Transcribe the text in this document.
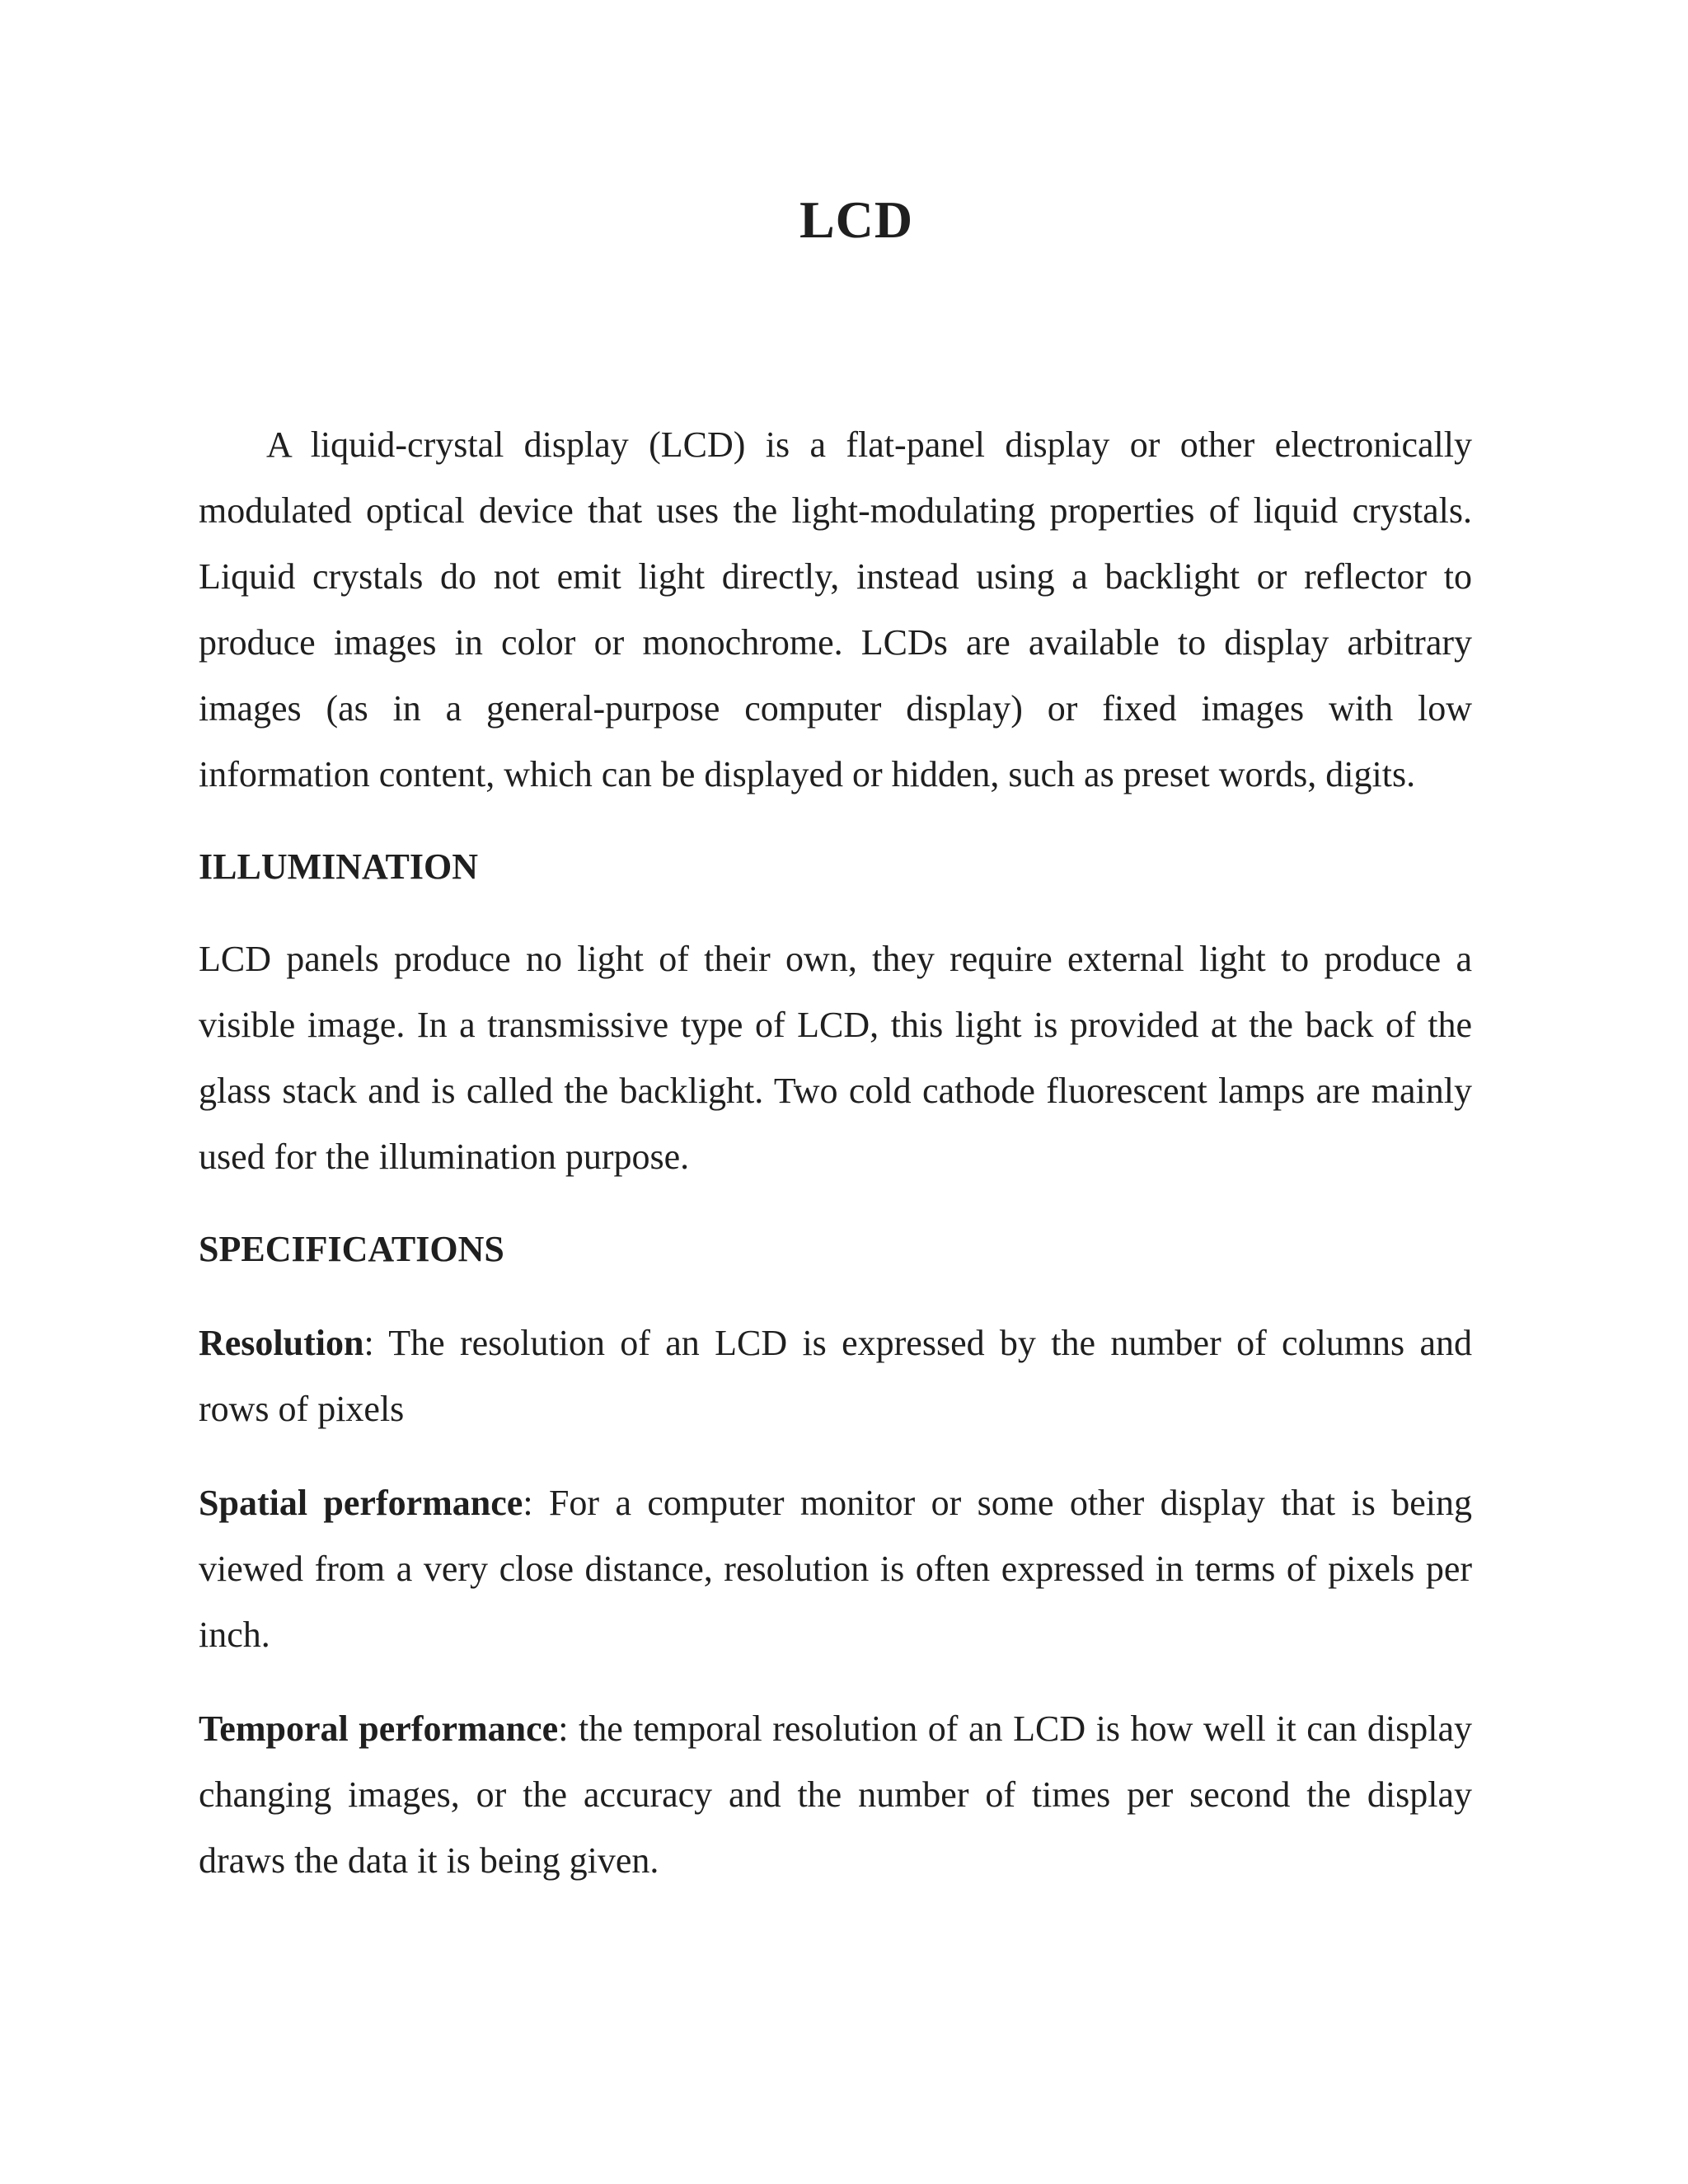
LCD

A liquid-crystal display (LCD) is a flat-panel display or other electronically modulated optical device that uses the light-modulating properties of liquid crystals. Liquid crystals do not emit light directly, instead using a backlight or reflector to produce images in color or monochrome. LCDs are available to display arbitrary images (as in a general-purpose computer display) or fixed images with low information content, which can be displayed or hidden, such as preset words, digits.

ILLUMINATION

LCD panels produce no light of their own, they require external light to produce a visible image. In a transmissive type of LCD, this light is provided at the back of the glass stack and is called the backlight. Two cold cathode fluorescent lamps are mainly used for the illumination purpose.

SPECIFICATIONS

Resolution: The resolution of an LCD is expressed by the number of columns and rows of pixels

Spatial performance: For a computer monitor or some other display that is being viewed from a very close distance, resolution is often expressed in terms of pixels per inch.

Temporal performance: the temporal resolution of an LCD is how well it can display changing images, or the accuracy and the number of times per second the display draws the data it is being given.
